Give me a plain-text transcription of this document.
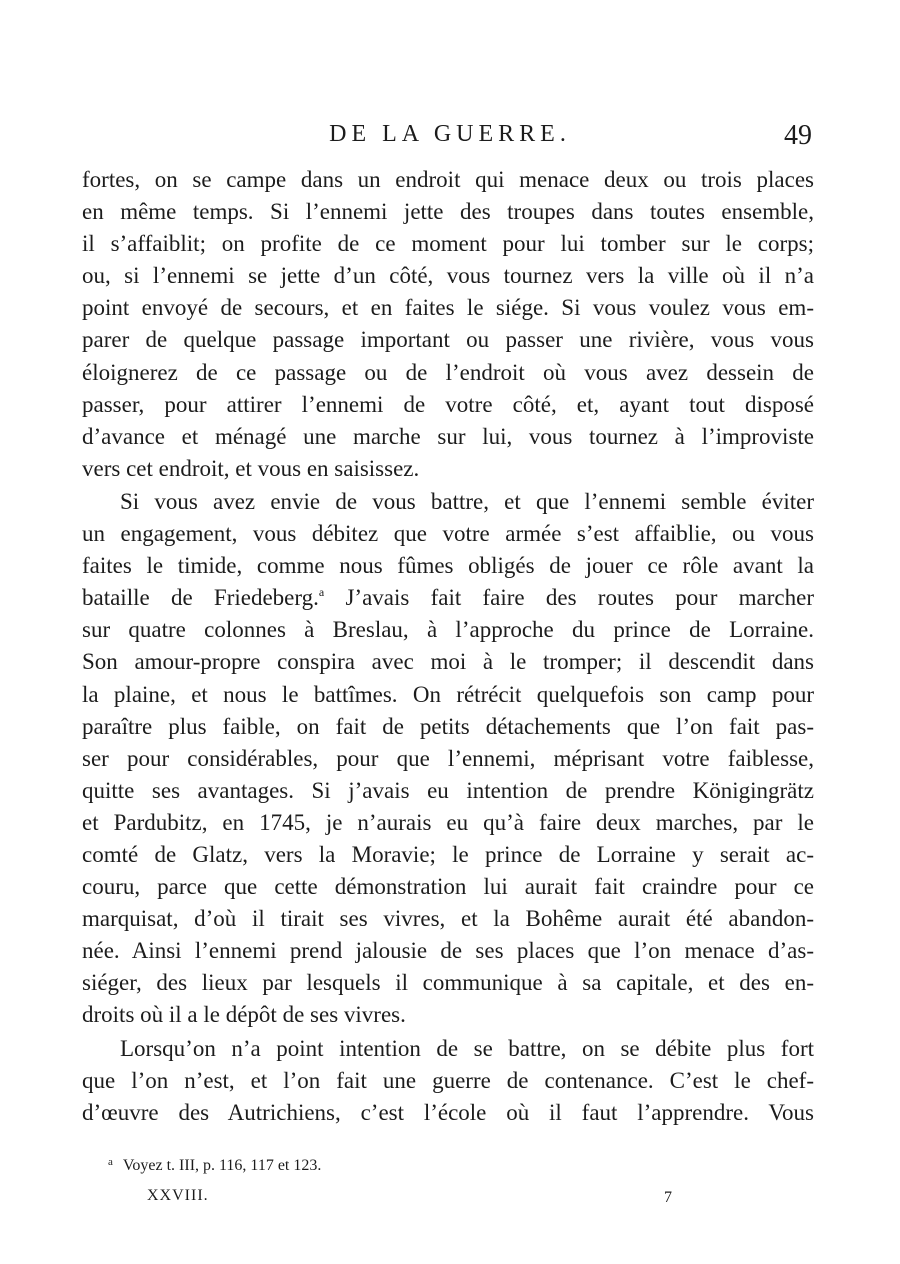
DE LA GUERRE.	49
fortes, on se campe dans un endroit qui menace deux ou trois places
en même temps. Si l’ennemi jette des troupes dans toutes ensemble,
il s’affaiblit; on profite de ce moment pour lui tomber sur le corps;
ou, si l’ennemi se jette d’un côté, vous tournez vers la ville où il n’a
point envoyé de secours, et en faites le siége. Si vous voulez vous em-
parer de quelque passage important ou passer une rivière, vous vous
éloignerez de ce passage ou de l’endroit où vous avez dessein de
passer, pour attirer l’ennemi de votre côté, et, ayant tout disposé
d’avance et ménagé une marche sur lui, vous tournez à l’improviste
vers cet endroit, et vous en saisissez.
Si vous avez envie de vous battre, et que l’ennemi semble éviter
un engagement, vous débitez que votre armée s’est affaiblie, ou vous
faites le timide, comme nous fûmes obligés de jouer ce rôle avant la
bataille de Friedeberg.$^a$ J’avais fait faire des routes pour marcher
sur quatre colonnes à Breslau, à l’approche du prince de Lorraine.
Son amour-propre conspira avec moi à le tromper; il descendit dans
la plaine, et nous le battîmes. On rétrécit quelquefois son camp pour
paraître plus faible, on fait de petits détachements que l’on fait pas-
ser pour considérables, pour que l’ennemi, méprisant votre faiblesse,
quitte ses avantages. Si j’avais eu intention de prendre Königingrätz
et Pardubitz, en 1745, je n’aurais eu qu’à faire deux marches, par le
comté de Glatz, vers la Moravie; le prince de Lorraine y serait ac-
couru, parce que cette démonstration lui aurait fait craindre pour ce
marquisat, d’où il tirait ses vivres, et la Bohême aurait été abandon-
née. Ainsi l’ennemi prend jalousie de ses places que l’on menace d’as-
siéger, des lieux par lesquels il communique à sa capitale, et des en-
droits où il a le dépôt de ses vivres.
Lorsqu’on n’a point intention de se battre, on se débite plus fort
que l’on n’est, et l’on fait une guerre de contenance. C’est le chef-
d’œuvre des Autrichiens, c’est l’école où il faut l’apprendre. Vous
$^a$ Voyez t. III, p. 116, 117 et 123.
XXVIII.	7
